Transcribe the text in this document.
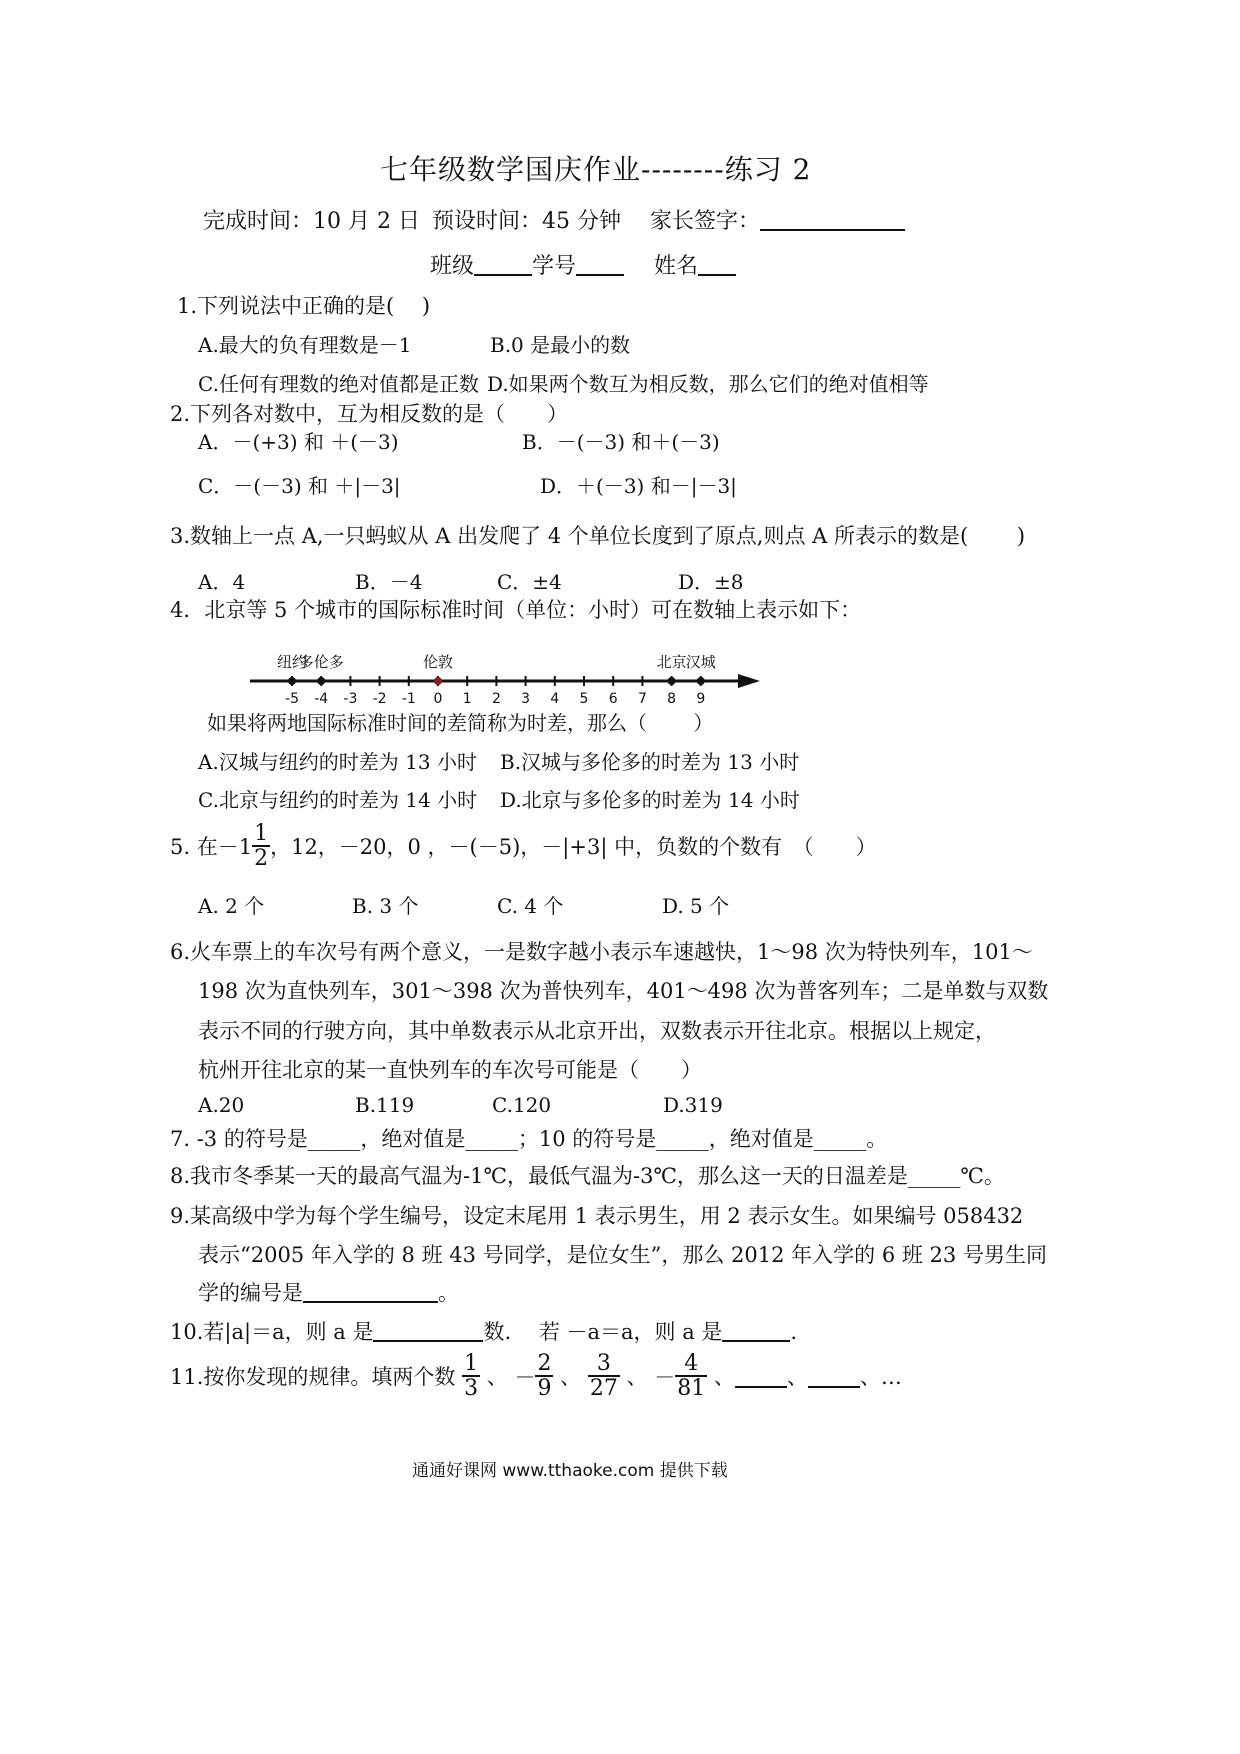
七年级数学国庆作业--------练习 2
完成时间：10 月 2 日 预设时间：45 分钟 家长签字：
班级	学号	姓名
1.下列说法中正确的是(　 )
A.最大的负有理数是－1	B.0 是最小的数
C.任何有理数的绝对值都是正数 D.如果两个数互为相反数，那么它们的绝对值相等
2.下列各对数中，互为相反数的是（　　）
A．－(+3) 和 ＋(－3)	B．－(－3) 和＋(－3)
C．－(－3) 和 ＋|－3|	D．＋(－3) 和－|－3|
3.数轴上一点 A,一只蚂蚁从 A 出发爬了 4 个单位长度到了原点,则点 A 所表示的数是(　　 )
A．4	B．－4	C．±4	D．±8
4．北京等 5 个城市的国际标准时间（单位：小时）可在数轴上表示如下：
-5 -4 -3 -2 -1 0 1 2 3 4 5 6 7 8 9
纽约
多伦多	伦敦	北京 汉城
如果将两地国际标准时间的差简称为时差，那么（　　 ）
A.汉城与纽约的时差为 13 小时 B.汉城与多伦多的时差为 13 小时
C.北京与纽约的时差为 14 小时 D.北京与多伦多的时差为 14 小时
5. 在$-1 \frac{1}{2}$ ，12，－20，0 ，－(－5)，－|+3| 中，负数的个数有　（　　）
A. 2 个	B. 3 个	C. 4 个	D. 5 个
6.火车票上的车次号有两个意义，一是数字越小表示车速越快，1～98 次为特快列车，101～
198 次为直快列车，301～398 次为普快列车，401～498 次为普客列车；二是单数与双数
表示不同的行驶方向，其中单数表示从北京开出，双数表示开往北京。根据以上规定，
杭州开往北京的某一直快列车的车次号可能是（　　）
A.20	B.119	C.120	D.319
7. -3 的符号是_____，绝对值是_____；10 的符号是_____，绝对值是_____。
8.我市冬季某一天的最高气温为-1℃，最低气温为-3℃，那么这一天的日温差是_____℃。
9.某高级中学为每个学生编号，设定末尾用 1 表示男生，用 2 表示女生。如果编号 058432
表示“2005 年入学的 8 班 43 号同学，是位女生”，那么 2012 年入学的 6 班 23 号男生同
学的编号是	。
10.若|a|＝a，则 a 是	数.　 若 －a＝a，则 a 是	.
11.按你发现的规律。填两个数 $\frac{1}{3}$ 、 － $\frac{2}{9}$ 、 $\frac{3}{27}$ 、 － $\frac{4}{81}$ 、 、 、…
通通好课网 www.tthaoke.com 提供下载
